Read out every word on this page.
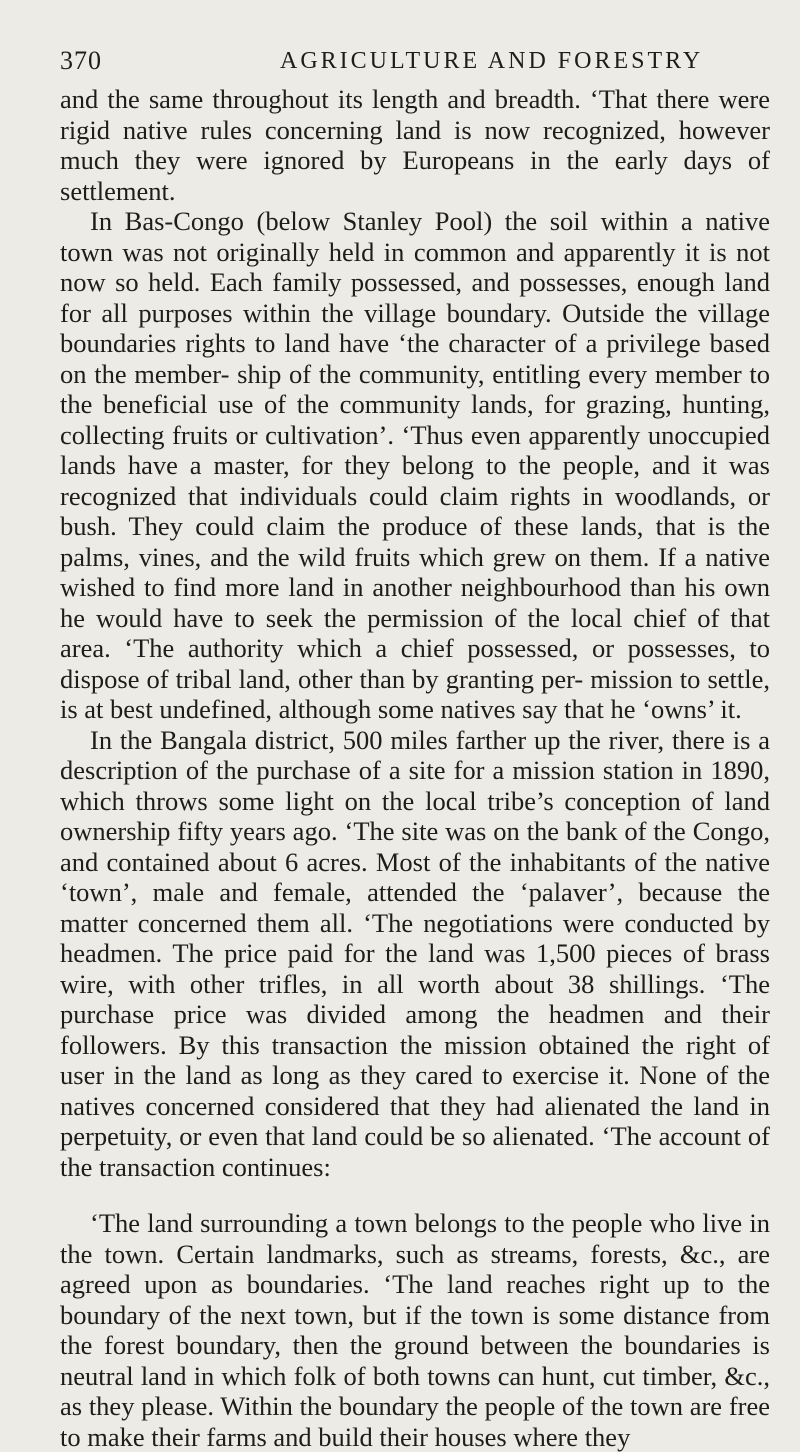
370	AGRICULTURE AND FORESTRY

and the same throughout its length and breadth. ‘That there were rigid native rules concerning land is now recognized, however much they were ignored by Europeans in the early days of settlement.

In Bas-Congo (below Stanley Pool) the soil within a native town was not originally held in common and apparently it is not now so held. Each family possessed, and possesses, enough land for all purposes within the village boundary. Outside the village boundaries rights to land have ‘the character of a privilege based on the member- ship of the community, entitling every member to the beneficial use of the community lands, for grazing, hunting, collecting fruits or cultivation’. ‘Thus even apparently unoccupied lands have a master, for they belong to the people, and it was recognized that individuals could claim rights in woodlands, or bush. They could claim the produce of these lands, that is the palms, vines, and the wild fruits which grew on them. If a native wished to find more land in another neighbourhood than his own he would have to seek the permission of the local chief of that area. ‘The authority which a chief possessed, or possesses, to dispose of tribal land, other than by granting per- mission to settle, is at best undefined, although some natives say that he ‘owns’ it.

In the Bangala district, 500 miles farther up the river, there is a description of the purchase of a site for a mission station in 1890, which throws some light on the local tribe’s conception of land ownership fifty years ago. ‘The site was on the bank of the Congo, and contained about 6 acres. Most of the inhabitants of the native ‘town’, male and female, attended the ‘palaver’, because the matter concerned them all. ‘The negotiations were conducted by headmen. The price paid for the land was 1,500 pieces of brass wire, with other trifles, in all worth about 38 shillings. ‘The purchase price was divided among the headmen and their followers. By this transaction the mission obtained the right of user in the land as long as they cared to exercise it. None of the natives concerned considered that they had alienated the land in perpetuity, or even that land could be so alienated. ‘The account of the transaction continues:

‘The land surrounding a town belongs to the people who live in the town. Certain landmarks, such as streams, forests, &c., are agreed upon as boundaries. ‘The land reaches right up to the boundary of the next town, but if the town is some distance from the forest boundary, then the ground between the boundaries is neutral land in which folk of both towns can hunt, cut timber, &c., as they please. Within the boundary the people of the town are free to make their farms and build their houses where they
